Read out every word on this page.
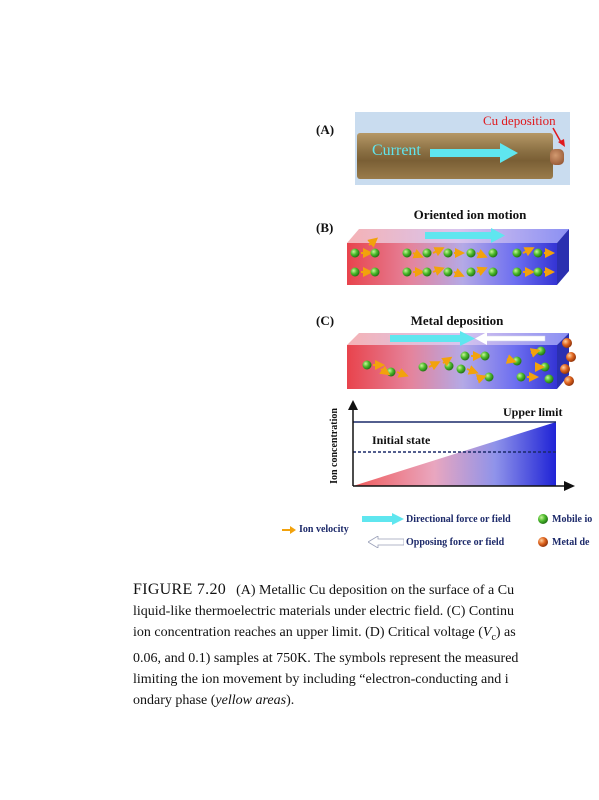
(A)
Current
Cu deposition
(B)
Oriented ion motion
(C)	Metal deposition
Ion concentration	Upper limit
Initial state
Ion velocity
Directional force or field
Opposing force or field
Mobile io
Metal de

FIGURE 7.20 (A) Metallic Cu deposition on the surface of a Cu

liquid-like thermoelectric materials under electric field. (C) Continu

ion concentration reaches an upper limit. (D) Critical voltage $(V_c)$ as

0.06, and 0.1) samples at 750K. The symbols represent the measured

limiting the ion movement by including “electron-conducting and i

ondary phase (yellow areas).
